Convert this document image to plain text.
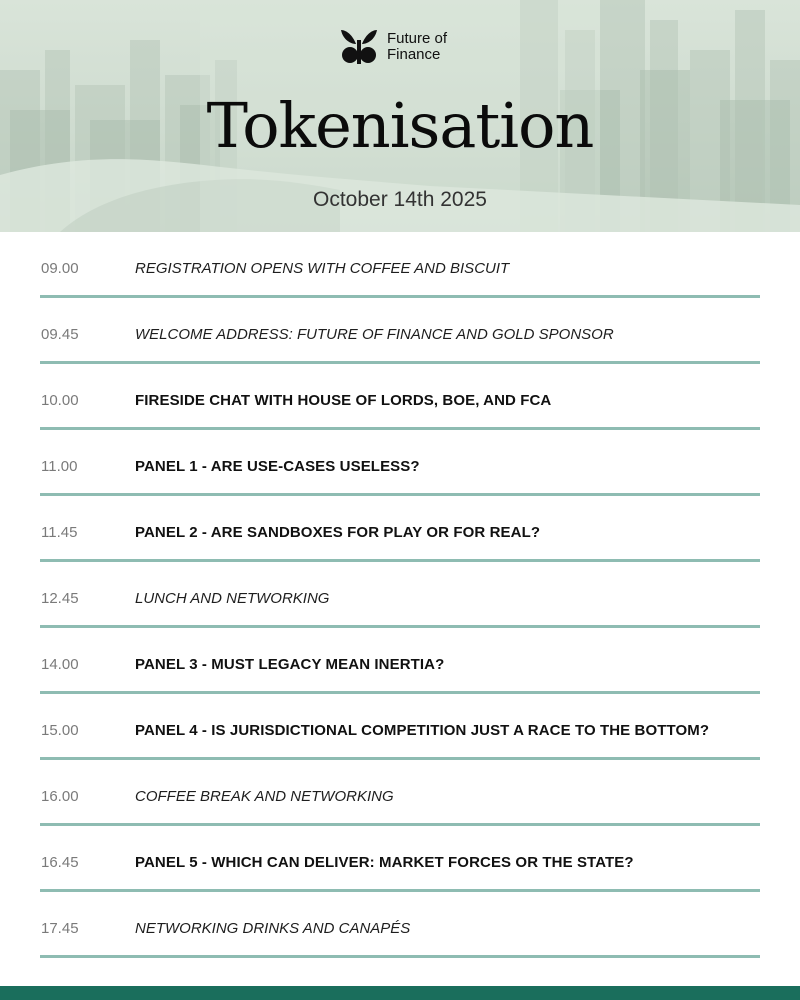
Future of
Finance
Tokenisation
October 14th 2025
09.00	REGISTRATION OPENS WITH COFFEE AND BISCUIT
09.45	WELCOME ADDRESS: FUTURE OF FINANCE AND GOLD SPONSOR
10.00	FIRESIDE CHAT WITH HOUSE OF LORDS, BOE, AND FCA
11.00	PANEL 1 - ARE USE-CASES USELESS?
11.45	PANEL 2 - ARE SANDBOXES FOR PLAY OR FOR REAL?
12.45	LUNCH AND NETWORKING
14.00	PANEL 3 - MUST LEGACY MEAN INERTIA?
15.00	PANEL 4 - IS JURISDICTIONAL COMPETITION JUST A RACE TO THE BOTTOM?
16.00	COFFEE BREAK AND NETWORKING
16.45	PANEL 5 - WHICH CAN DELIVER: MARKET FORCES OR THE STATE?
17.45	NETWORKING DRINKS AND CANAPÉS
